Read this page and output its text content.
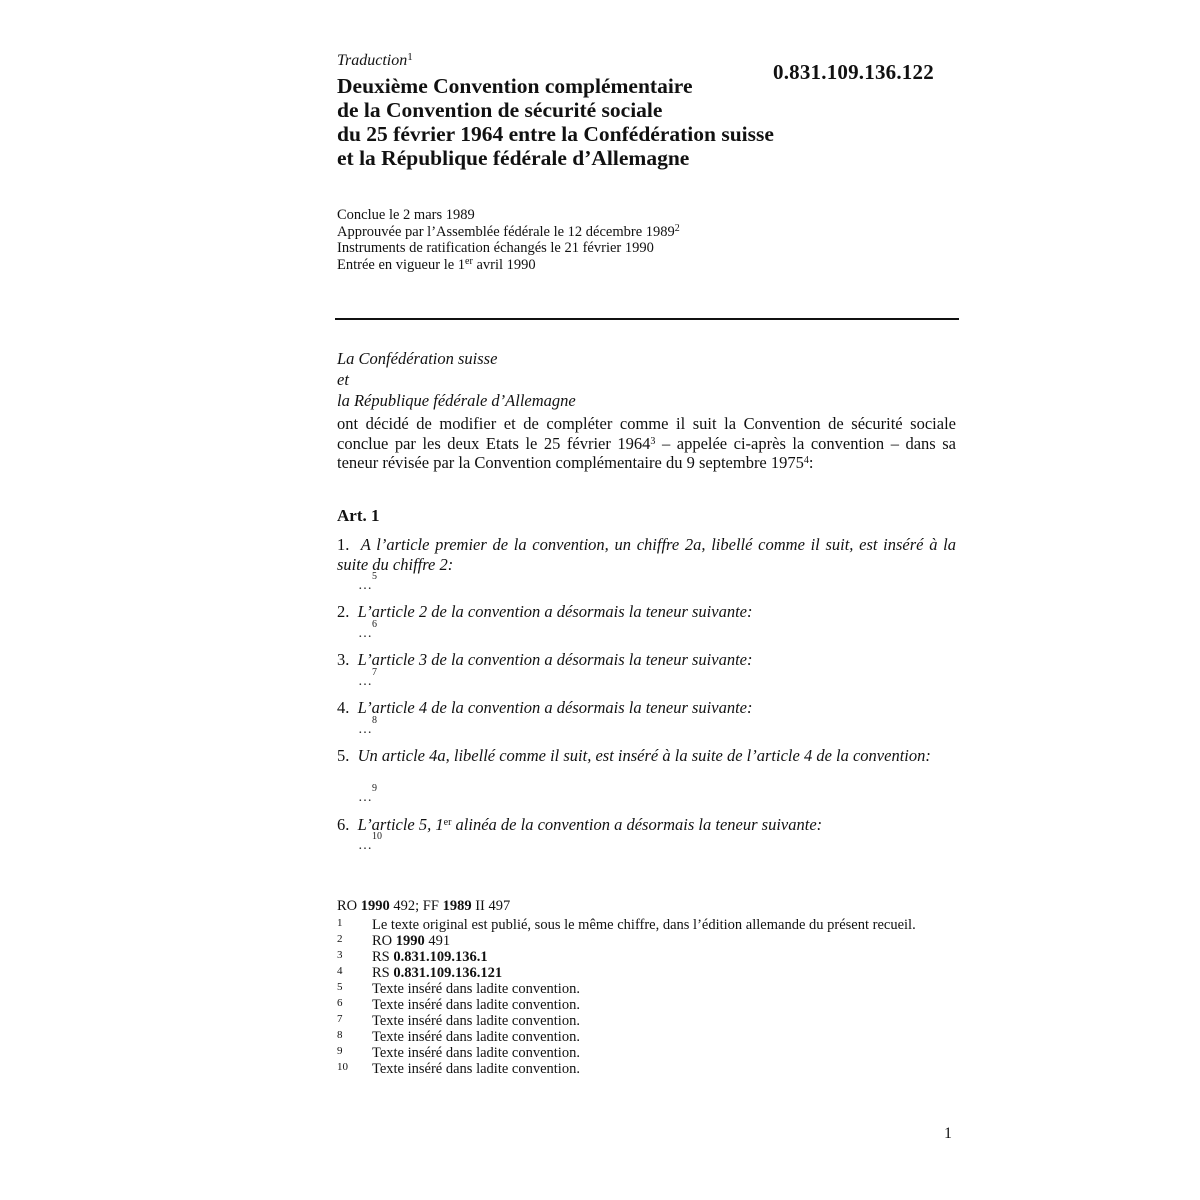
Traduction$^1$
0.831.109.136.122
Deuxième Convention complémentaire
de la Convention de sécurité sociale
du 25 février 1964 entre la Confédération suisse
et la République fédérale d’Allemagne
Conclue le 2 mars 1989
Approuvée par l’Assemblée fédérale le 12 décembre 1989$^2$
Instruments de ratification échangés le 21 février 1990
Entrée en vigueur le 1er avril 1990
La Confédération suisse
et
la République fédérale d’Allemagne
ont décidé de modifier et de compléter comme il suit la Convention de sécurité sociale conclue par les deux Etats le 25 février 1964$^3$ – appelée ci-après la convention – dans sa teneur révisée par la Convention complémentaire du 9 septembre 1975$^4$:
Art. 1
1. A l’article premier de la convention, un chiffre 2a, libellé comme il suit, est inséré à la suite du chiffre 2:
…$^5$
2. L’article 2 de la convention a désormais la teneur suivante:
…$^6$
3. L’article 3 de la convention a désormais la teneur suivante:
…$^7$
4. L’article 4 de la convention a désormais la teneur suivante:
…$^8$
5. Un article 4a, libellé comme il suit, est inséré à la suite de l’article 4 de la convention:
…$^9$
6. L’article 5, 1er alinéa de la convention a désormais la teneur suivante:
…$^{10}$
RO 1990 492; FF 1989 II 497
1	Le texte original est publié, sous le même chiffre, dans l’édition allemande du présent recueil.
2	RO 1990 491
3	RS 0.831.109.136.1
4	RS 0.831.109.136.121
5	Texte inséré dans ladite convention.
6	Texte inséré dans ladite convention.
7	Texte inséré dans ladite convention.
8	Texte inséré dans ladite convention.
9	Texte inséré dans ladite convention.
10	Texte inséré dans ladite convention.
1
